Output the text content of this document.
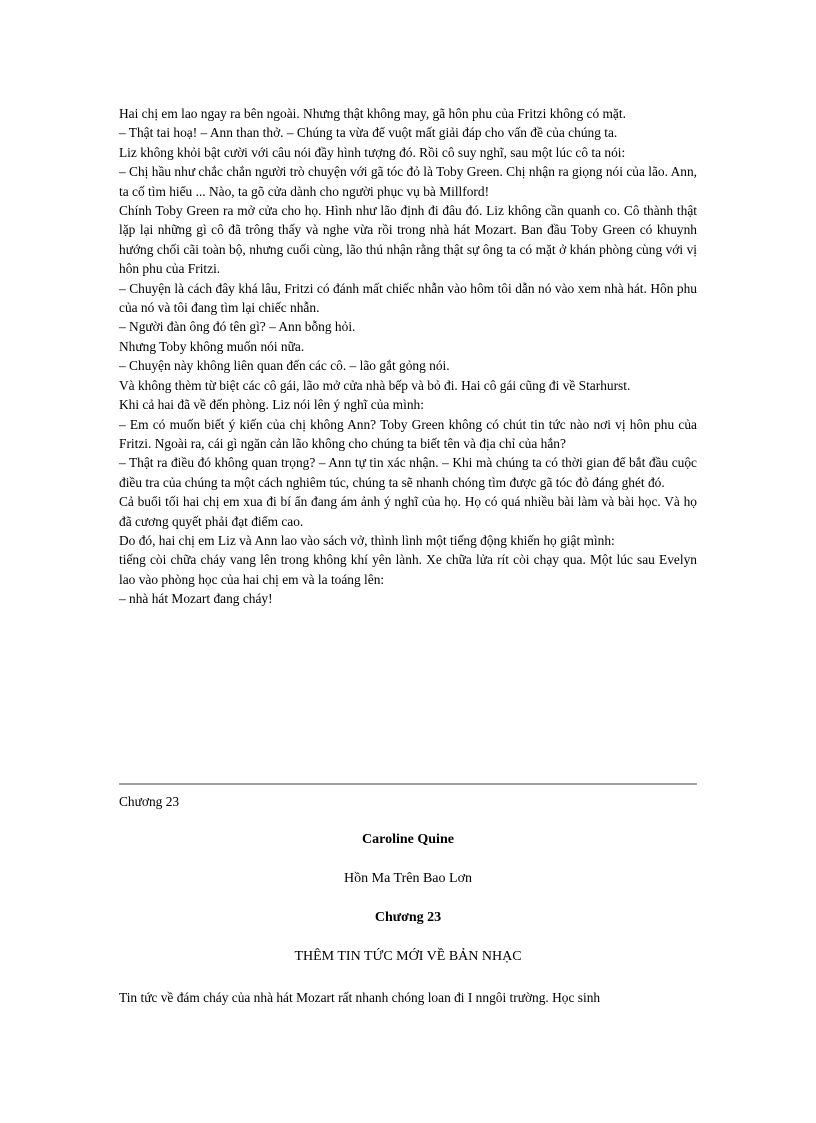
Hai chị em lao ngay ra bên ngoài. Nhưng thật không may, gã hôn phu của Fritzi không có mặt.

– Thật tai hoạ! – Ann than thở. – Chúng ta vừa để vuột mất giải đáp cho vấn đề của chúng ta.

Liz không khỏi bật cười với câu nói đầy hình tượng đó. Rồi cô suy nghĩ, sau một lúc cô ta nói:

– Chị hầu như chắc chắn người trò chuyện với gã tóc đỏ là Toby Green. Chị nhận ra giọng nói của lão. Ann, ta cố tìm hiểu ... Nào, ta gõ cửa dành cho người phục vụ bà Millford!

Chính Toby Green ra mở cửa cho họ. Hình như lão định đi đâu đó. Liz không cần quanh co. Cô thành thật lặp lại những gì cô đã trông thấy và nghe vừa rồi trong nhà hát Mozart. Ban đầu Toby Green có khuynh hướng chối cãi toàn bộ, nhưng cuối cùng, lão thú nhận rằng thật sự ông ta có mặt ở khán phòng cùng với vị hôn phu của Fritzi.

– Chuyện là cách đây khá lâu, Fritzi có đánh mất chiếc nhẫn vào hôm tôi dẫn nó vào xem nhà hát. Hôn phu của nó và tôi đang tìm lại chiếc nhẫn.

– Người đàn ông đó tên gì? – Ann bỗng hỏi.

Nhưng Toby không muốn nói nữa.

– Chuyện này không liên quan đến các cô. – lão gắt gỏng nói.

Và không thèm từ biệt các cô gái, lão mở cửa nhà bếp và bỏ đi. Hai cô gái cũng đi về Starhurst.

Khi cả hai đã về đến phòng. Liz nói lên ý nghĩ của mình:

– Em có muốn biết ý kiến của chị không Ann? Toby Green không có chút tin tức nào nơi vị hôn phu của Fritzi. Ngoài ra, cái gì ngăn cản lão không cho chúng ta biết tên và địa chỉ của hắn?

– Thật ra điều đó không quan trọng? – Ann tự tin xác nhận. – Khi mà chúng ta có thời gian để bắt đầu cuộc điều tra của chúng ta một cách nghiêm túc, chúng ta sẽ nhanh chóng tìm được gã tóc đỏ đáng ghét đó.

Cả buổi tối hai chị em xua đi bí ẩn đang ám ảnh ý nghĩ của họ. Họ có quá nhiều bài làm và bài học. Và họ đã cương quyết phải đạt điểm cao.

Do đó, hai chị em Liz và Ann lao vào sách vở, thình lình một tiếng động khiến họ giật mình:

tiếng còi chữa cháy vang lên trong không khí yên lành. Xe chữa lửa rít còi chạy qua. Một lúc sau Evelyn lao vào phòng học của hai chị em và la toáng lên:

– nhà hát Mozart đang cháy!

Chương 23
Caroline Quine
Hồn Ma Trên Bao Lơn
Chương 23
THÊM TIN TỨC MỚI VỀ BẢN NHẠC
Tin tức về đám cháy của nhà hát Mozart rất nhanh chóng loan đi I nngôi trường. Học sinh
